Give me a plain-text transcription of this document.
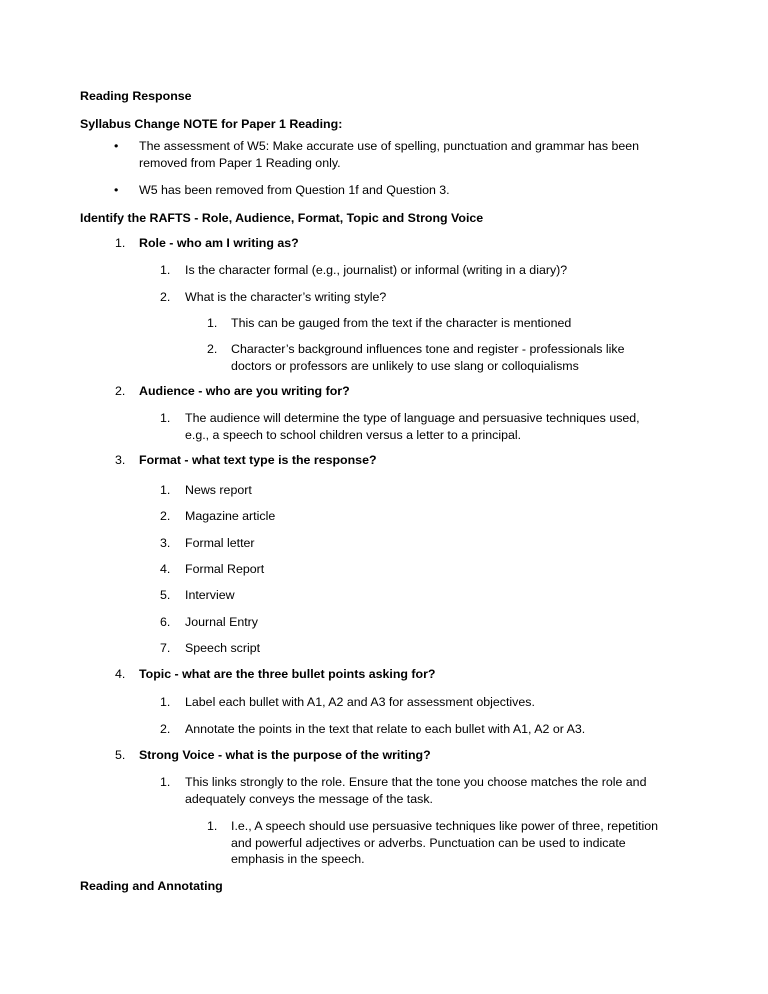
Reading Response
Syllabus Change NOTE for Paper 1 Reading:
• The assessment of W5: Make accurate use of spelling, punctuation and grammar has been removed from Paper 1 Reading only.
• W5 has been removed from Question 1f and Question 3.
Identify the RAFTS - Role, Audience, Format, Topic and Strong Voice
1. Role - who am I writing as?
1. Is the character formal (e.g., journalist) or informal (writing in a diary)?
2. What is the character’s writing style?
1. This can be gauged from the text if the character is mentioned
2. Character’s background influences tone and register - professionals like doctors or professors are unlikely to use slang or colloquialisms
2. Audience - who are you writing for?
1. The audience will determine the type of language and persuasive techniques used, e.g., a speech to school children versus a letter to a principal.
3. Format - what text type is the response?
1. News report
2. Magazine article
3. Formal letter
4. Formal Report
5. Interview
6. Journal Entry
7. Speech script
4. Topic - what are the three bullet points asking for?
1. Label each bullet with A1, A2 and A3 for assessment objectives.
2. Annotate the points in the text that relate to each bullet with A1, A2 or A3.
5. Strong Voice - what is the purpose of the writing?
1. This links strongly to the role. Ensure that the tone you choose matches the role and adequately conveys the message of the task.
1. I.e., A speech should use persuasive techniques like power of three, repetition and powerful adjectives or adverbs. Punctuation can be used to indicate emphasis in the speech.
Reading and Annotating
